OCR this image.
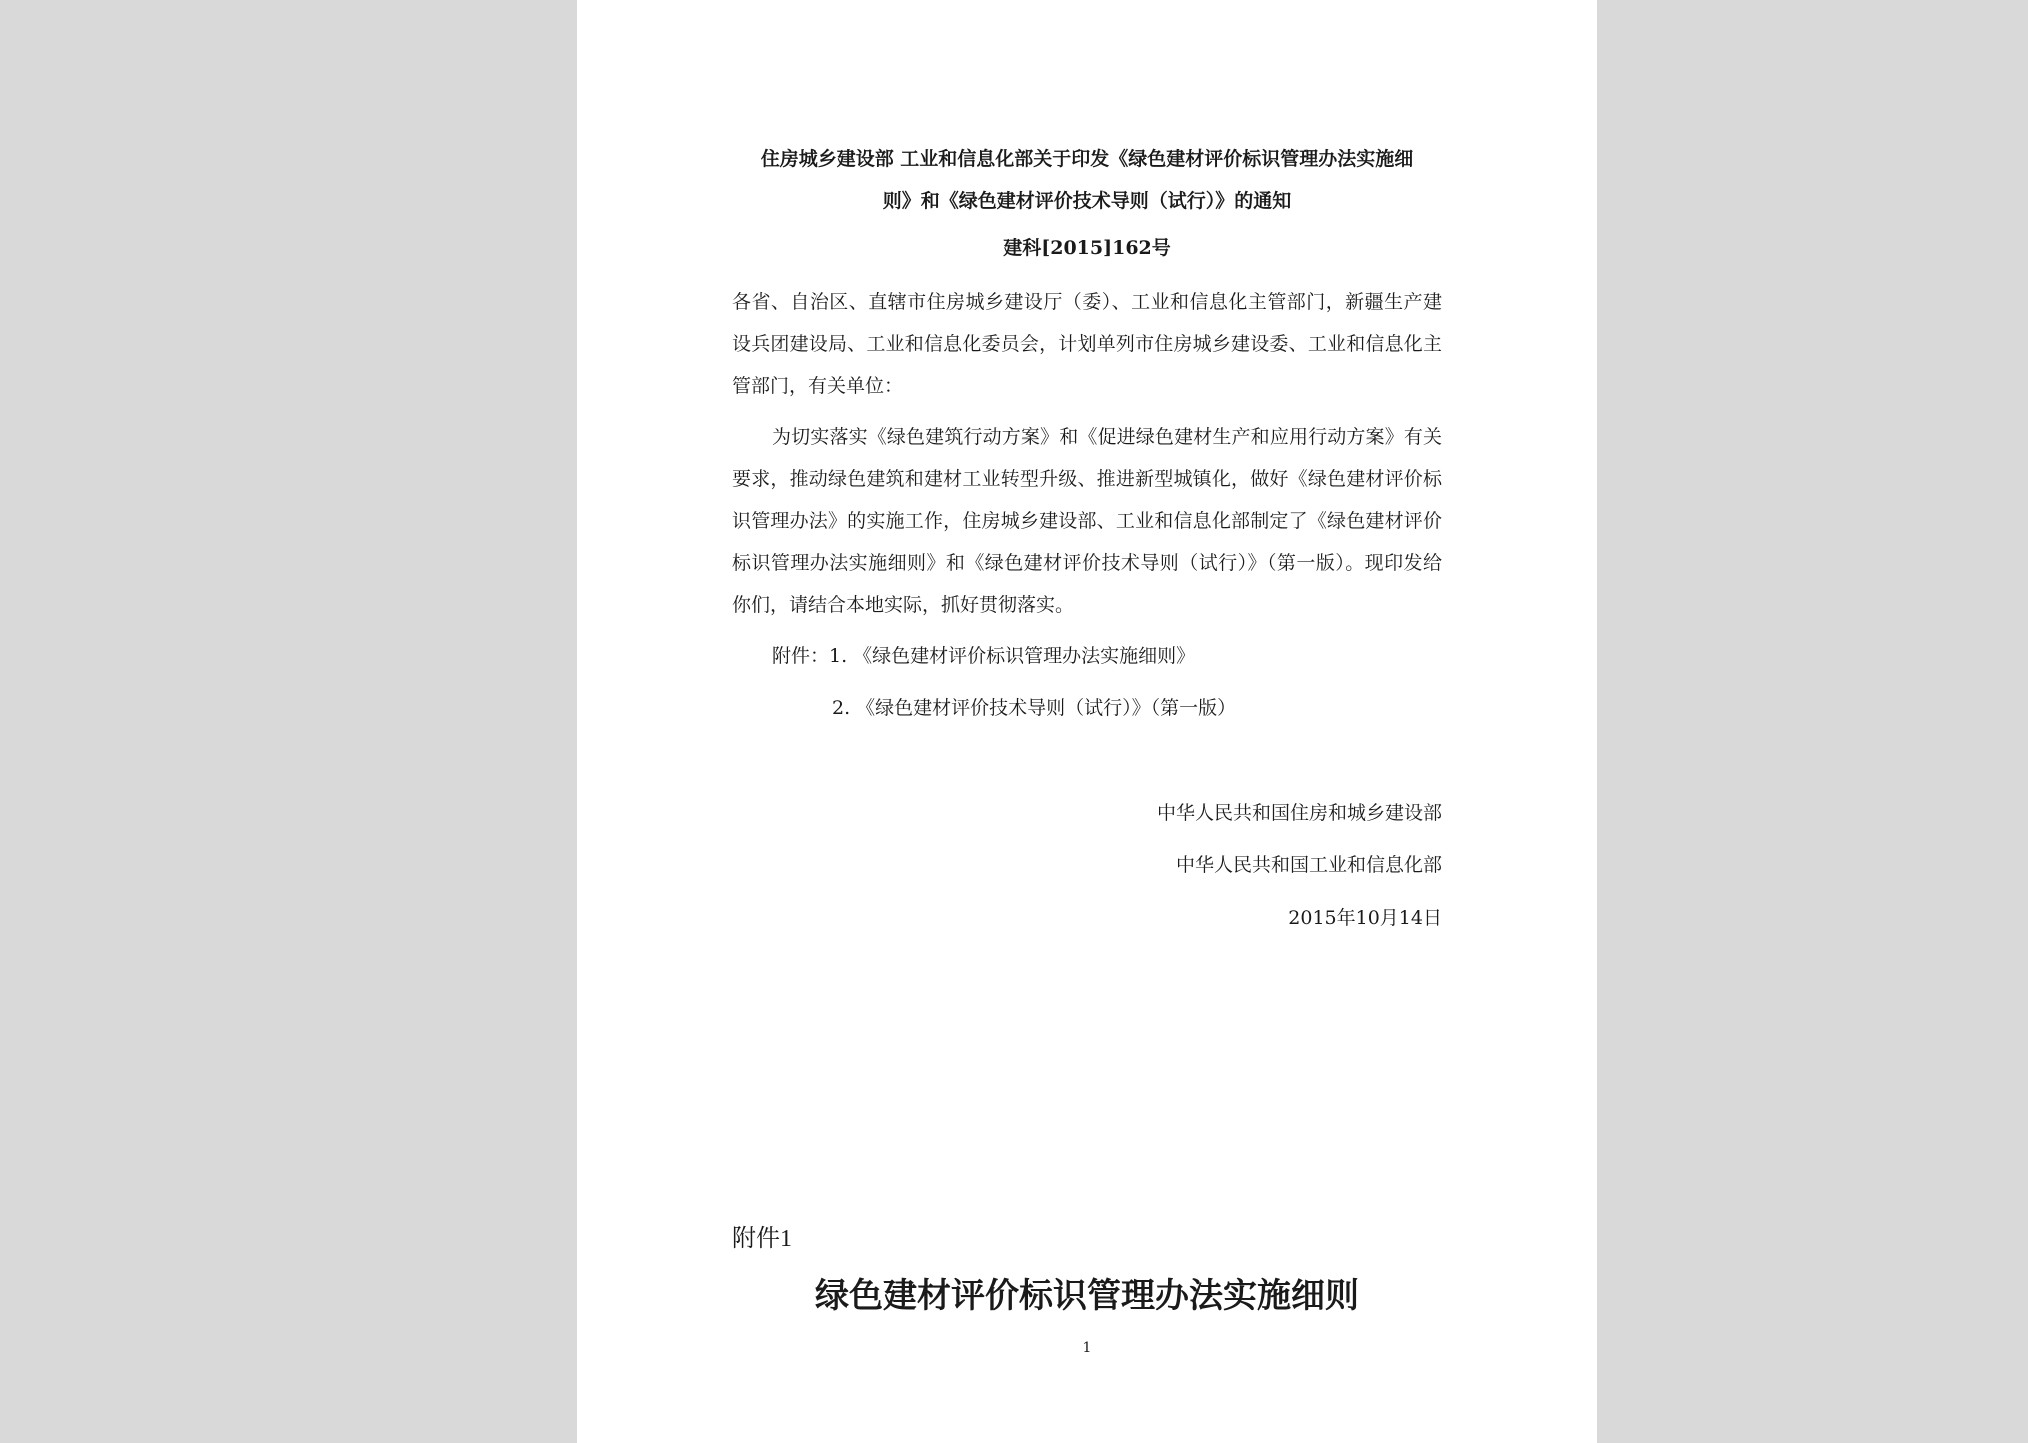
住房城乡建设部 工业和信息化部关于印发《绿色建材评价标识管理办法实施细
则》和《绿色建材评价技术导则（试行）》的通知

建科[2015]162号

各省、自治区、直辖市住房城乡建设厅（委）、工业和信息化主管部门，新疆生产建设兵团建设局、工业和信息化委员会，计划单列市住房城乡建设委、工业和信息化主管部门，有关单位：

为切实落实《绿色建筑行动方案》和《促进绿色建材生产和应用行动方案》有关要求，推动绿色建筑和建材工业转型升级、推进新型城镇化，做好《绿色建材评价标识管理办法》的实施工作，住房城乡建设部、工业和信息化部制定了《绿色建材评价标识管理办法实施细则》和《绿色建材评价技术导则（试行）》（第一版）。现印发给你们，请结合本地实际，抓好贯彻落实。

附件：1. 《绿色建材评价标识管理办法实施细则》

2. 《绿色建材评价技术导则（试行）》（第一版）

中华人民共和国住房和城乡建设部

中华人民共和国工业和信息化部

2015年10月14日

附件1

绿色建材评价标识管理办法实施细则

1
